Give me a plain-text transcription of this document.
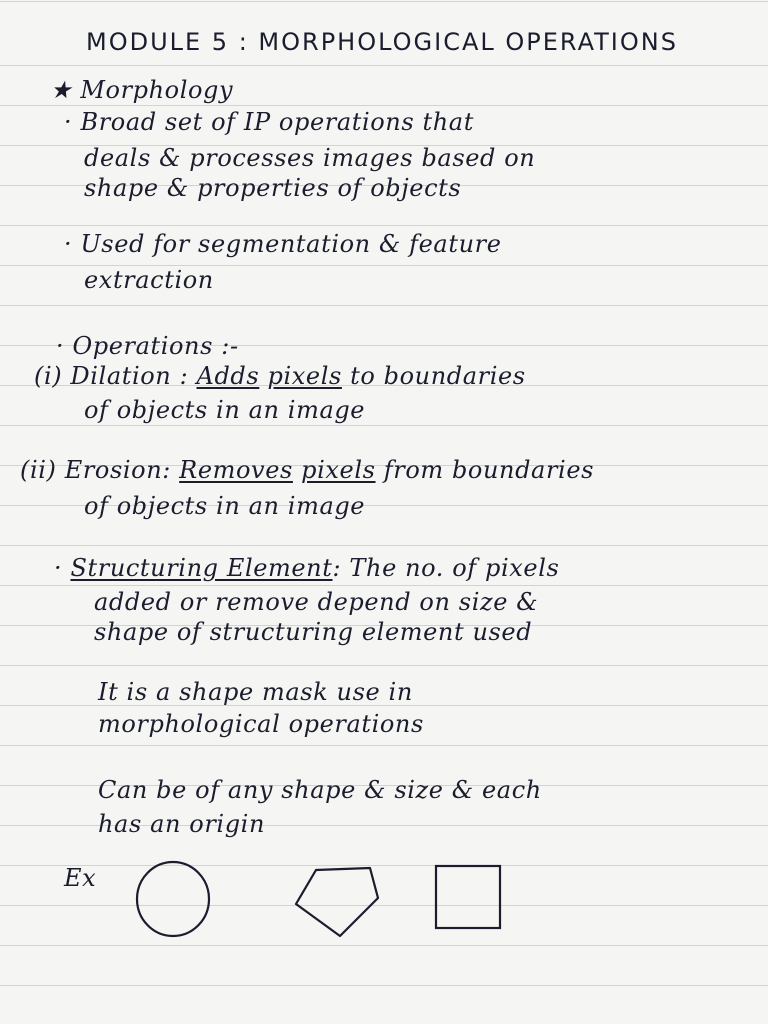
MODULE 5 : MORPHOLOGICAL OPERATIONS
★ Morphology
· Broad set of IP operations that
deals & processes images based on
shape & properties of objects
· Used for segmentation & feature
extraction
· Operations :-
(i) Dilation : Adds pixels to boundaries
of objects in an image
(ii) Erosion: Removes pixels from boundaries
of objects in an image
· Structuring Element: The no. of pixels
added or remove depend on size &
shape of structuring element used
It is a shape mask use in
morphological operations
Can be of any shape & size & each
has an origin
Ex
